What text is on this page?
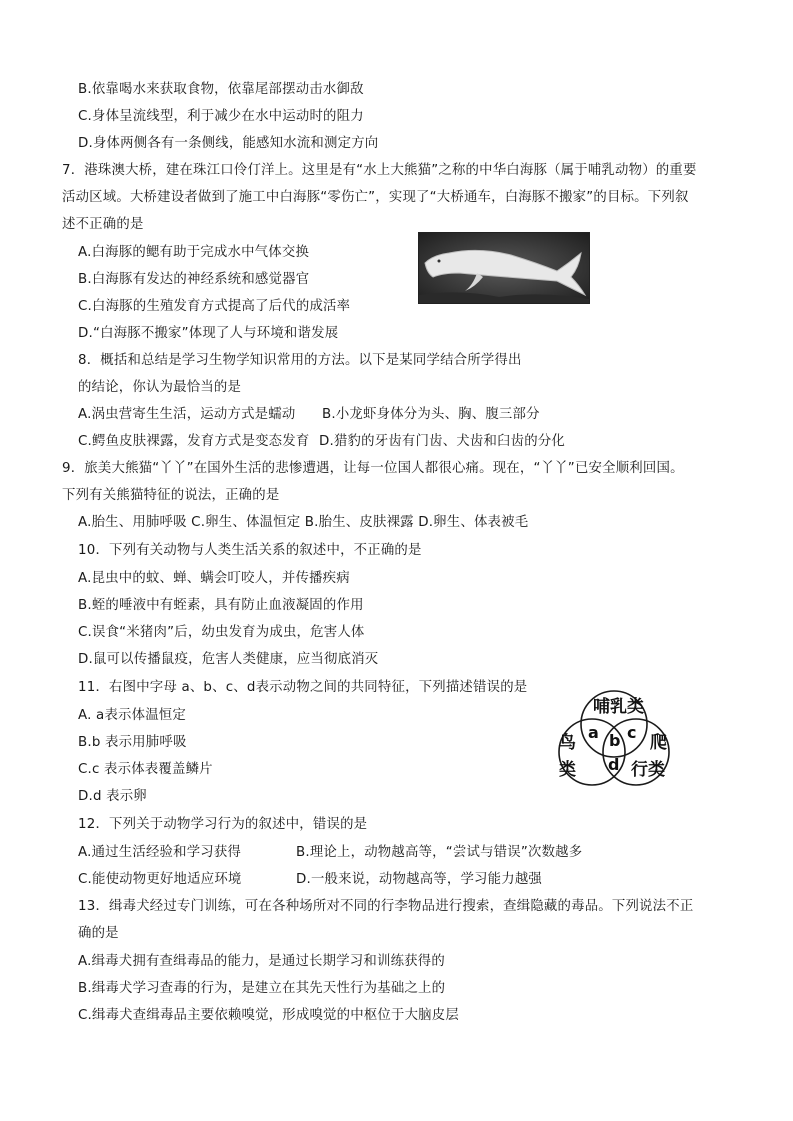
B.依靠喝水来获取食物，依靠尾部摆动击水御敌
C.身体呈流线型，利于减少在水中运动时的阻力
D.身体两侧各有一条侧线，能感知水流和测定方向
7．港珠澳大桥，建在珠江口伶仃洋上。这里是有“水上大熊猫”之称的中华白海豚（属于哺乳动物）的重要
活动区域。大桥建设者做到了施工中白海豚“零伤亡”，实现了“大桥通车，白海豚不搬家”的目标。下列叙
述不正确的是
A.白海豚的鳃有助于完成水中气体交换
B.白海豚有发达的神经系统和感觉器官
C.白海豚的生殖发育方式提高了后代的成活率
D.“白海豚不搬家”体现了人与环境和谐发展
8．概括和总结是学习生物学知识常用的方法。以下是某同学结合所学得出
的结论，你认为最恰当的是
A.涡虫营寄生生活，运动方式是蠕动 B.小龙虾身体分为头、胸、腹三部分
C.鳄鱼皮肤裸露，发育方式是变态发育 D.猎豹的牙齿有门齿、犬齿和臼齿的分化
9．旅美大熊猫“丫丫”在国外生活的悲惨遭遇，让每一位国人都很心痛。现在，“丫丫”已安全顺利回国。
下列有关熊猫特征的说法，正确的是
A.胎生、用肺呼吸 C.卵生、体温恒定 B.胎生、皮肤裸露 D.卵生、体表被毛
10．下列有关动物与人类生活关系的叙述中，不正确的是
A.昆虫中的蚊、蝉、螨会叮咬人，并传播疾病
B.蛭的唾液中有蛭素，具有防止血液凝固的作用
C.误食“米猪肉”后，幼虫发育为成虫，危害人体
D.鼠可以传播鼠疫，危害人类健康，应当彻底消灭
11．右图中字母 a、b、c、d表示动物之间的共同特征，下列描述错误的是
A. a表示体温恒定
B.b 表示用肺呼吸
C.c 表示体表覆盖鳞片
D.d 表示卵
哺乳类
鸟
类
爬
行类
a b c
d
12．下列关于动物学习行为的叙述中，错误的是
A.通过生活经验和学习获得	B.理论上，动物越高等，“尝试与错误”次数越多
C.能使动物更好地适应环境	D.一般来说，动物越高等，学习能力越强
13．缉毒犬经过专门训练，可在各种场所对不同的行李物品进行搜索，查缉隐藏的毒品。下列说法不正
确的是
A.缉毒犬拥有查缉毒品的能力，是通过长期学习和训练获得的
B.缉毒犬学习查毒的行为，是建立在其先天性行为基础之上的
C.缉毒犬查缉毒品主要依赖嗅觉，形成嗅觉的中枢位于大脑皮层
